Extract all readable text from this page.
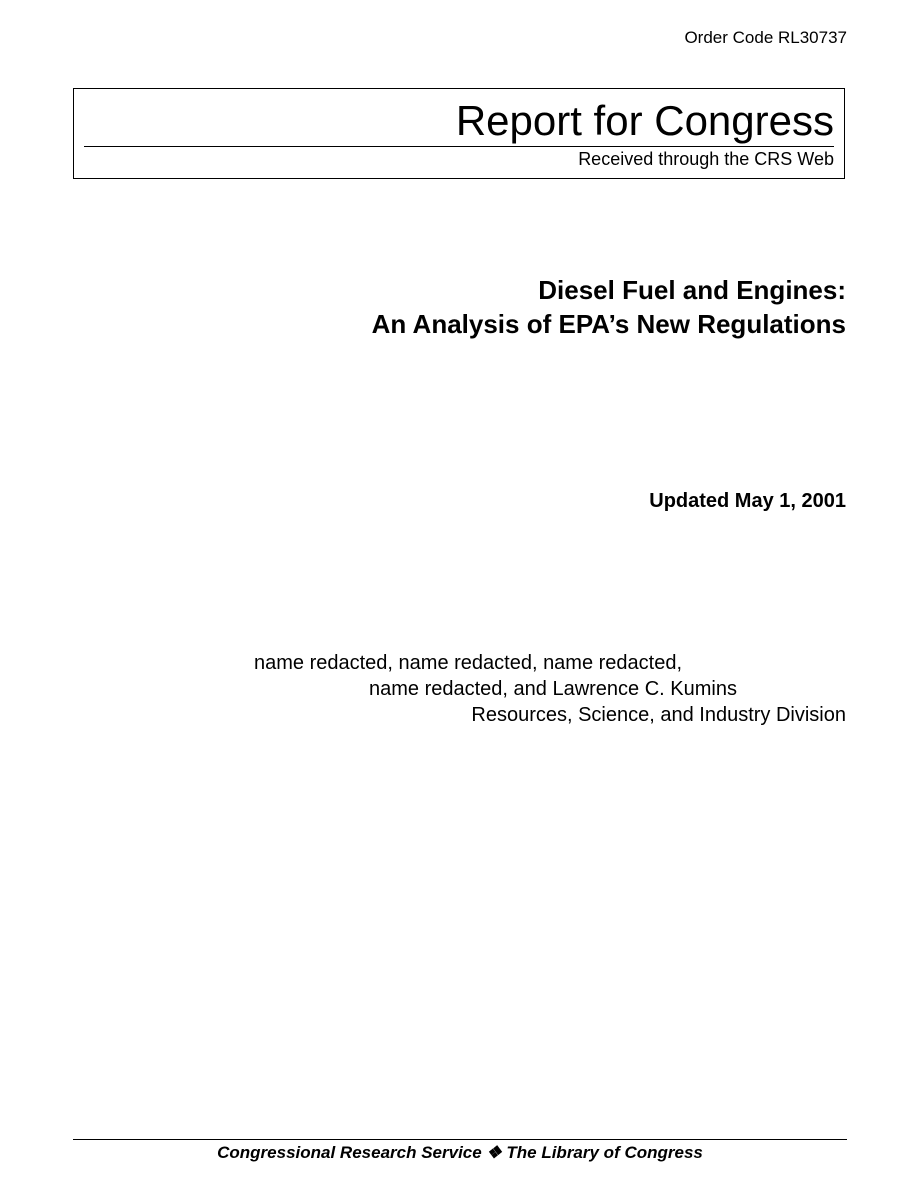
Order Code RL30737
Report for Congress
Received through the CRS Web
Diesel Fuel and Engines:
An Analysis of EPA’s New Regulations
Updated May 1, 2001
name redacted, name redacted, name redacted,
name redacted, and Lawrence C. Kumins
Resources, Science, and Industry Division
Congressional Research Service ❖ The Library of Congress
